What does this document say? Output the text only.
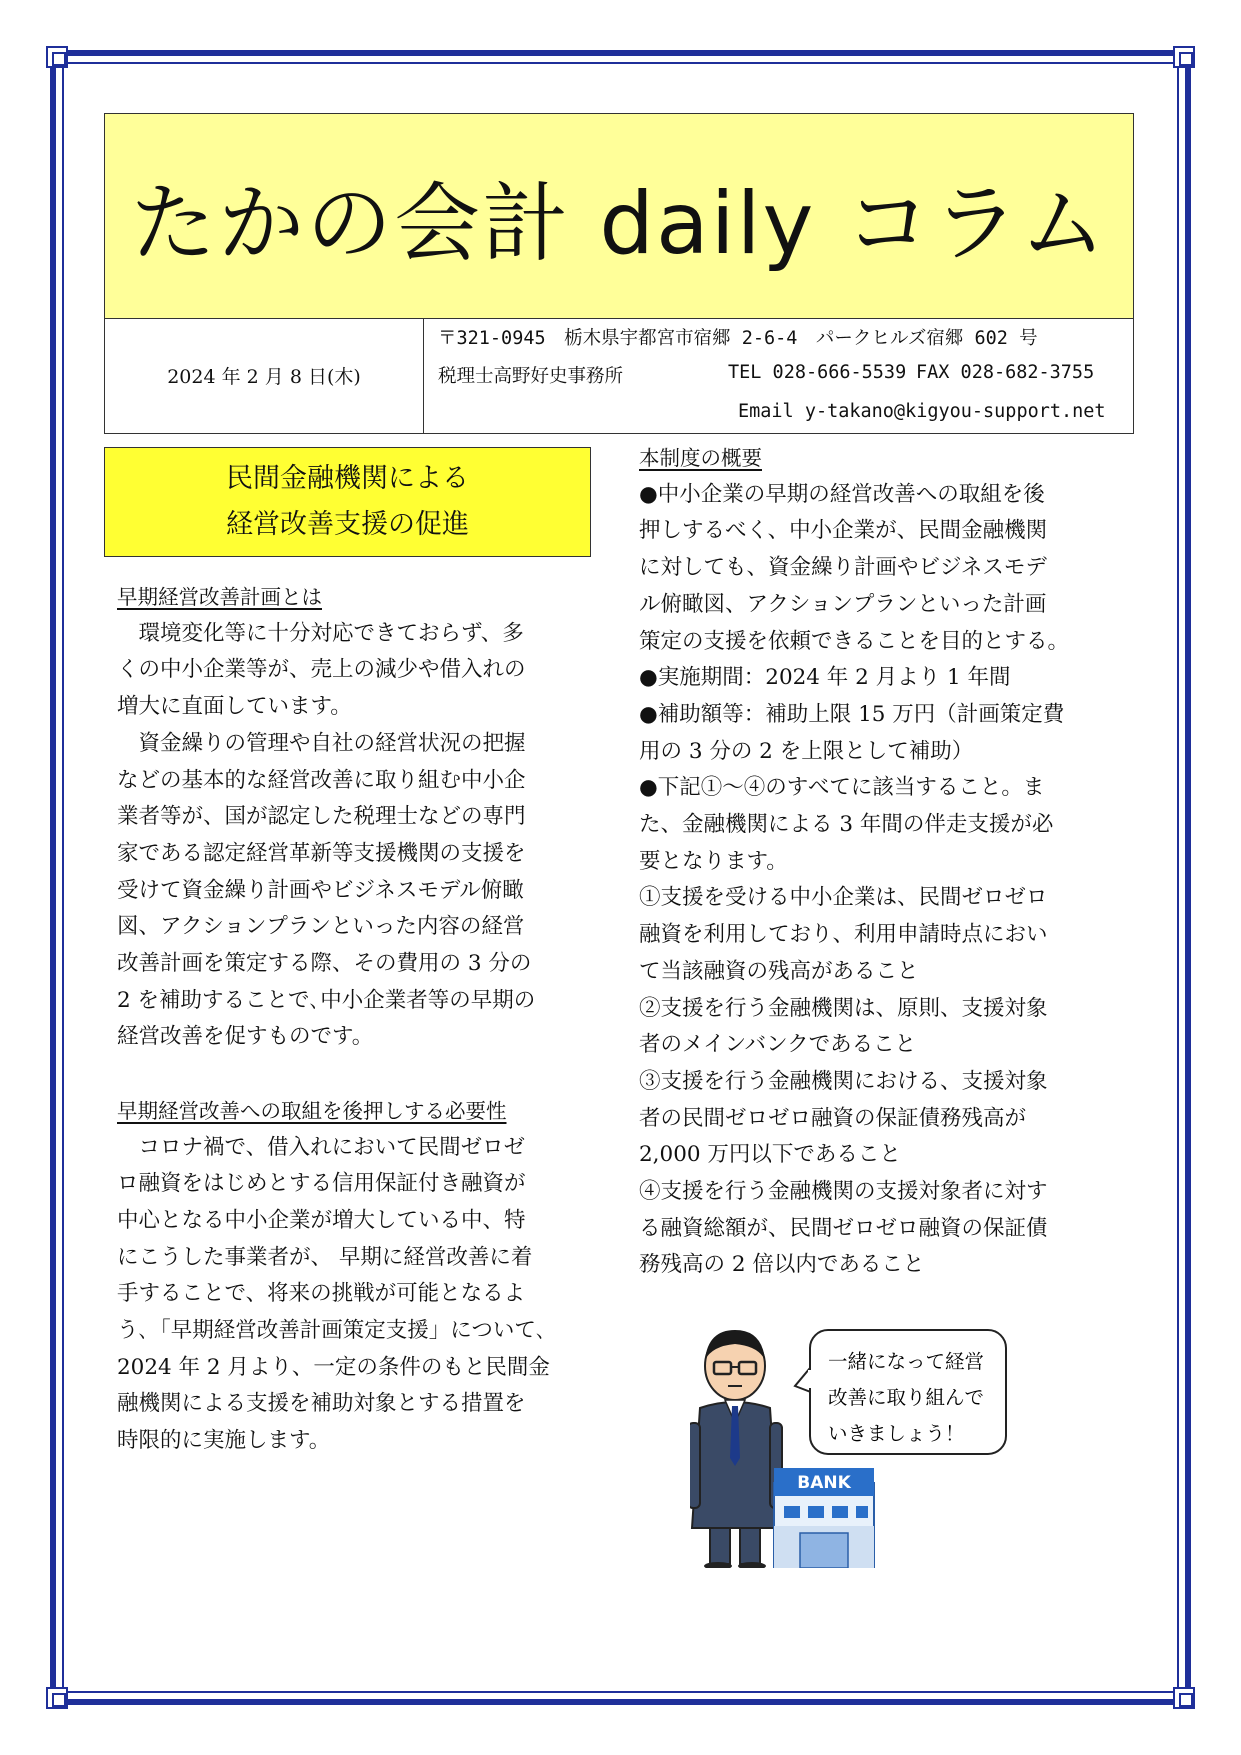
たかの会計 daily コラム
2024 年 2 月 8 日(木)
〒321-0945　栃木県宇都宮市宿郷 2-6-4　パークヒルズ宿郷 602 号
税理士高野好史事務所	TEL 028-666-5539 FAX 028-682-3755
Email y-takano@kigyou-support.net
民間金融機関による
経営改善支援の促進

早期経営改善計画とは

　環境変化等に十分対応できておらず、多

くの中小企業等が、売上の減少や借入れの

増大に直面しています。

　資金繰りの管理や自社の経営状況の把握

などの基本的な経営改善に取り組む中小企

業者等が、国が認定した税理士などの専門

家である認定経営革新等支援機関の支援を

受けて資金繰り計画やビジネスモデル俯瞰

図、アクションプランといった内容の経営

改善計画を策定する際、その費用の 3 分の

2 を補助することで､中小企業者等の早期の

経営改善を促すものです。

早期経営改善への取組を後押しする必要性

　コロナ禍で、借入れにおいて民間ゼロゼ

ロ融資をはじめとする信用保証付き融資が

中心となる中小企業が増大している中、特

にこうした事業者が、 早期に経営改善に着

手することで、将来の挑戦が可能となるよ

う､「早期経営改善計画策定支援」について､

2024 年 2 月より、一定の条件のもと民間金

融機関による支援を補助対象とする措置を

時限的に実施します。

本制度の概要

●中小企業の早期の経営改善への取組を後

押しするべく、中小企業が、民間金融機関

に対しても、資金繰り計画やビジネスモデ

ル俯瞰図、アクションプランといった計画

策定の支援を依頼できることを目的とする。

●実施期間：2024 年 2 月より 1 年間

●補助額等：補助上限 15 万円（計画策定費

用の 3 分の 2 を上限として補助）

●下記①～④のすべてに該当すること。ま

た、金融機関による 3 年間の伴走支援が必

要となります。

①支援を受ける中小企業は、民間ゼロゼロ

融資を利用しており、利用申請時点におい

て当該融資の残高があること

②支援を行う金融機関は、原則、支援対象

者のメインバンクであること

③支援を行う金融機関における、支援対象

者の民間ゼロゼロ融資の保証債務残高が

2,000 万円以下であること

④支援を行う金融機関の支援対象者に対す

る融資総額が、民間ゼロゼロ融資の保証債

務残高の 2 倍以内であること

BANK
一緒になって経営
改善に取り組んで
いきましょう！
